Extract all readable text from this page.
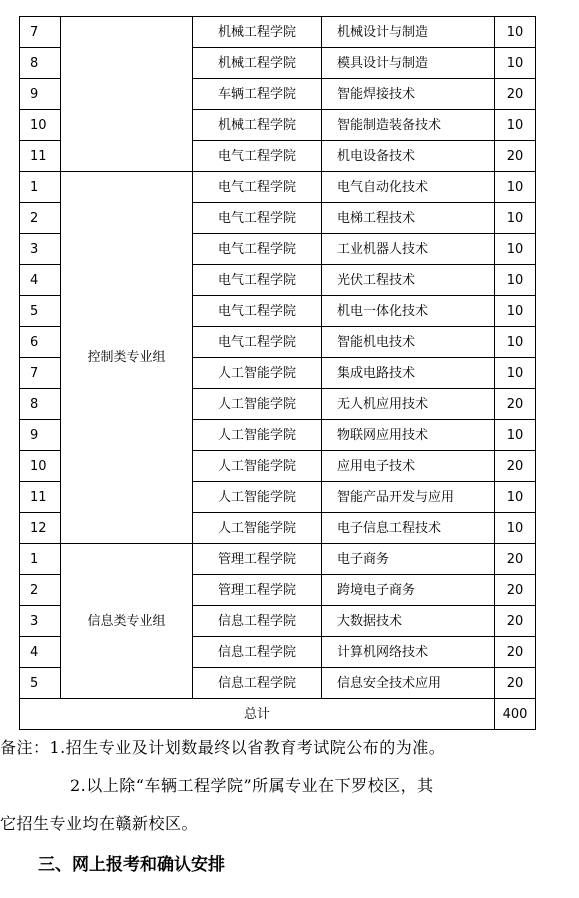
7		机械工程学院	机械设计与制造	10
8		机械工程学院	模具设计与制造	10
9		车辆工程学院	智能焊接技术	20
10		机械工程学院	智能制造装备技术	10
11		电气工程学院	机电设备技术	20
1	控制类专业组	电气工程学院	电气自动化技术	10
2		电气工程学院	电梯工程技术	10
3		电气工程学院	工业机器人技术	10
4		电气工程学院	光伏工程技术	10
5		电气工程学院	机电一体化技术	10
6		电气工程学院	智能机电技术	10
7		人工智能学院	集成电路技术	10
8		人工智能学院	无人机应用技术	20
9		人工智能学院	物联网应用技术	10
10		人工智能学院	应用电子技术	20
11		人工智能学院	智能产品开发与应用	10
12		人工智能学院	电子信息工程技术	10
1	信息类专业组	管理工程学院	电子商务	20
2		管理工程学院	跨境电子商务	20
3		信息工程学院	大数据技术	20
4		信息工程学院	计算机网络技术	20
5		信息工程学院	信息安全技术应用	20
总计				400
备注：1.招生专业及计划数最终以省教育考试院公布的为准。
2.以上除“车辆工程学院”所属专业在下罗校区，其
它招生专业均在赣新校区。
三、网上报考和确认安排
